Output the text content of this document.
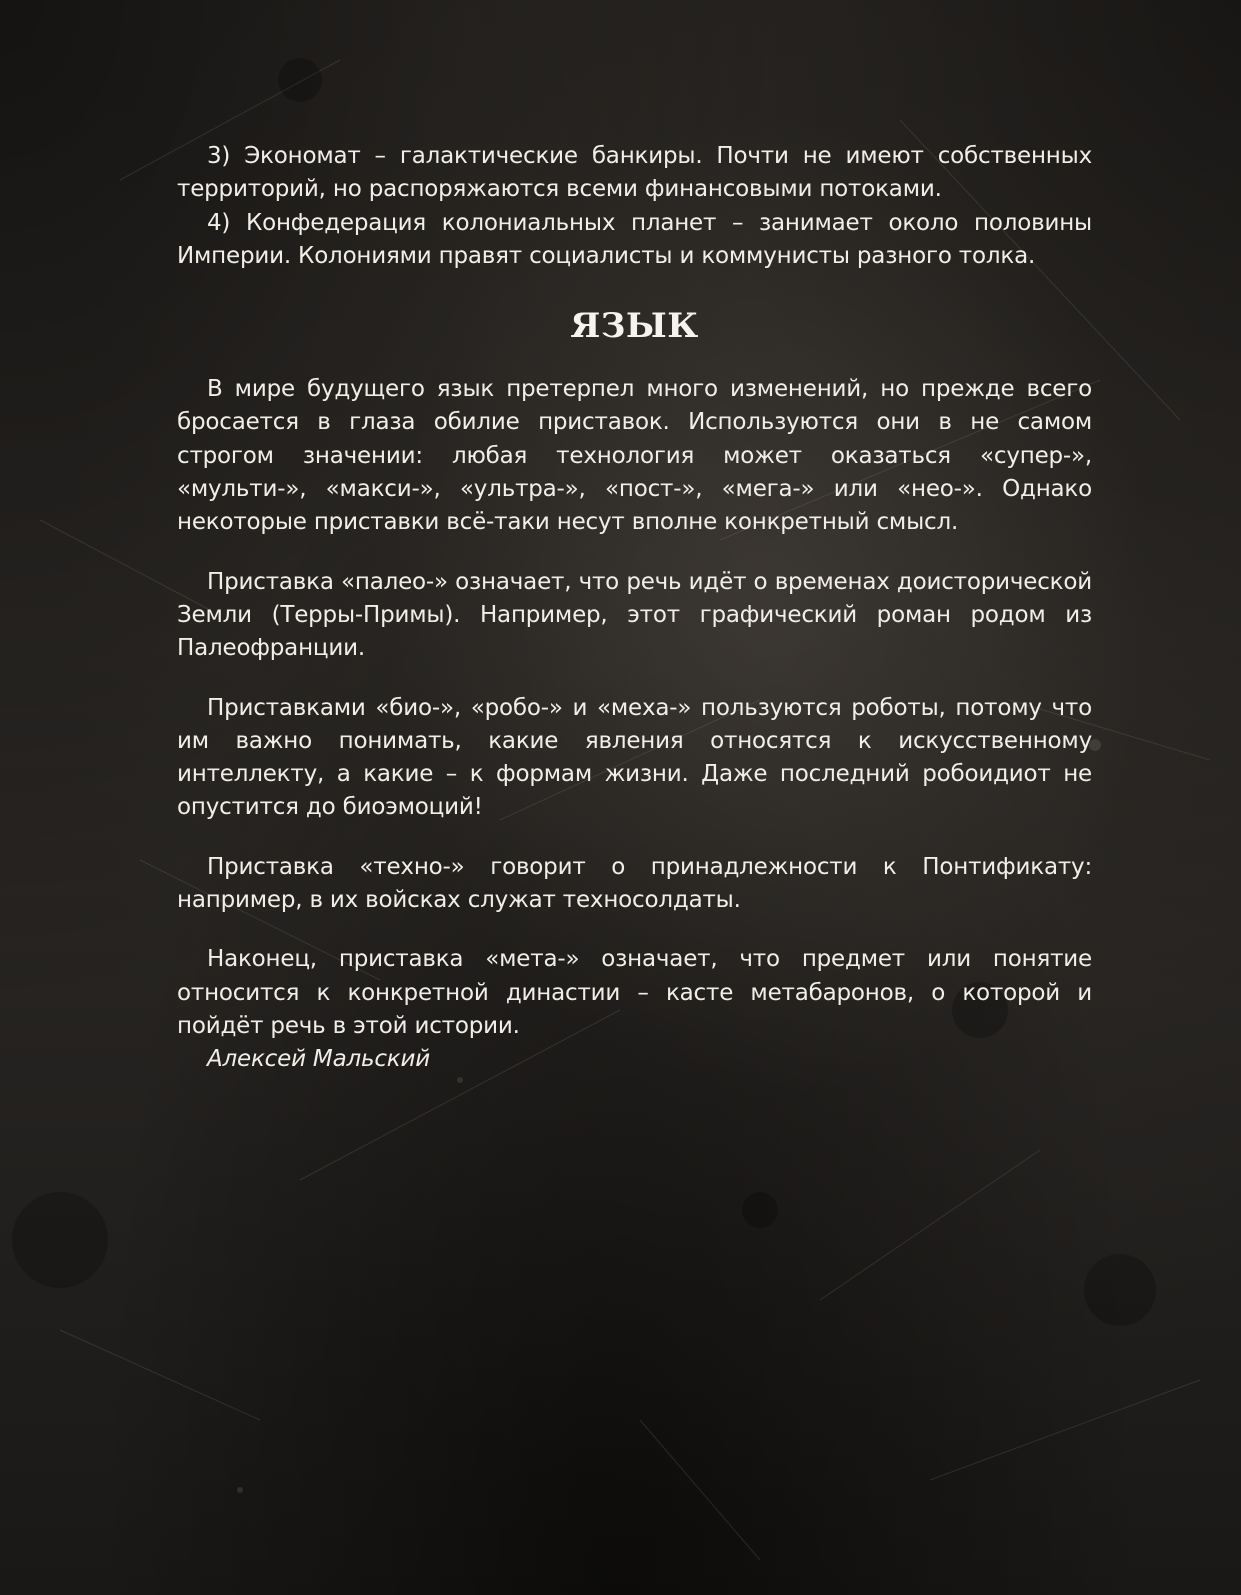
3) Экономат – галактические банкиры. Почти не имеют собственных территорий, но распоряжаются всеми финансовыми потоками.

4) Конфедерация колониальных планет – занимает около половины Империи. Колониями правят социалисты и коммунисты разного толка.

ЯЗЫК

В мире будущего язык претерпел много изменений, но прежде всего бросается в глаза обилие приставок. Используются они в не самом строгом значении: любая технология может оказаться «супер-», «мульти-», «макси-», «ультра-», «пост-», «мега-» или «нео-». Однако некоторые приставки всё-таки несут вполне конкретный смысл.

Приставка «палео-» означает, что речь идёт о временах доисторической Земли (Терры-Примы). Например, этот графический роман родом из Палеофранции.

Приставками «био-», «робо-» и «меха-» пользуются роботы, потому что им важно понимать, какие явления относятся к искусственному интеллекту, а какие – к формам жизни. Даже последний робоидиот не опустится до биоэмоций!

Приставка «техно-» говорит о принадлежности к Понтификату: например, в их войсках служат техносолдаты.

Наконец, приставка «мета-» означает, что предмет или понятие относится к конкретной династии – касте метабаронов, о которой и пойдёт речь в этой истории.

Алексей Мальский
